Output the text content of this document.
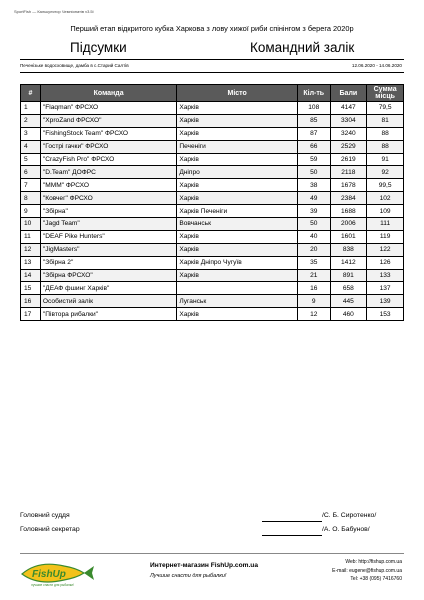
SportFish — Калькулятор Чемпіонатів v3.5i
Перший етап відкритого кубка Харкова з лову хижої риби спінінгом з берега 2020р
Підсумки	Командний залік
Печенізьке водосховище, дамба в с.Старий Салтів	12.06.2020 - 14.06.2020
#	Команда	Місто	Кіл-ть	Бали	Сумма місць
1	"Flaqman" ФРСХО	Харків	108	4147	79,5
2	"XproZand ФРСХО"	Харків	85	3304	81
3	"FishingStock Team" ФРСХО	Харків	87	3240	88
4	"Гострі гачки" ФРСХО	Печеніги	66	2529	88
5	"CrazyFish Pro" ФРСХО	Харків	59	2619	91
6	"D.Team" ДОФРС	Дніпро	50	2118	92
7	"МММ" ФРСХО	Харків	38	1678	99,5
8	"Ковчег" ФРСХО	Харків	49	2384	102
9	"Збірна"	Харків Печеніги	39	1688	109
10	"Jagd Team"	Вовчанськ	50	2006	111
11	"DEAF Pike Hunters"	Харків	40	1601	119
12	"JigMasters"	Харків	20	838	122
13	"Збірна 2"	Харків Дніпро Чугуїв	35	1412	126
14	"Збірна ФРСХО"	Харків	21	891	133
15	"ДЕАФ фшинг Харків"		16	658	137
16	Особистий залік	Луганськ	9	445	139
17	"Півтора рибалки"	Харків	12	460	153
Головний суддя	/С. Б. Сиротенко/
Головний секретар	/А. О. Бабунов/
FishUp
лучшие снасти для рыбалки!
Интернет-магазин FishUp.com.ua
Лучшие снасти для рыбалки!
Web: http://fishup.com.ua
E-mail: eugene@fishup.com.ua
Tel: +38 (095) 7416760
